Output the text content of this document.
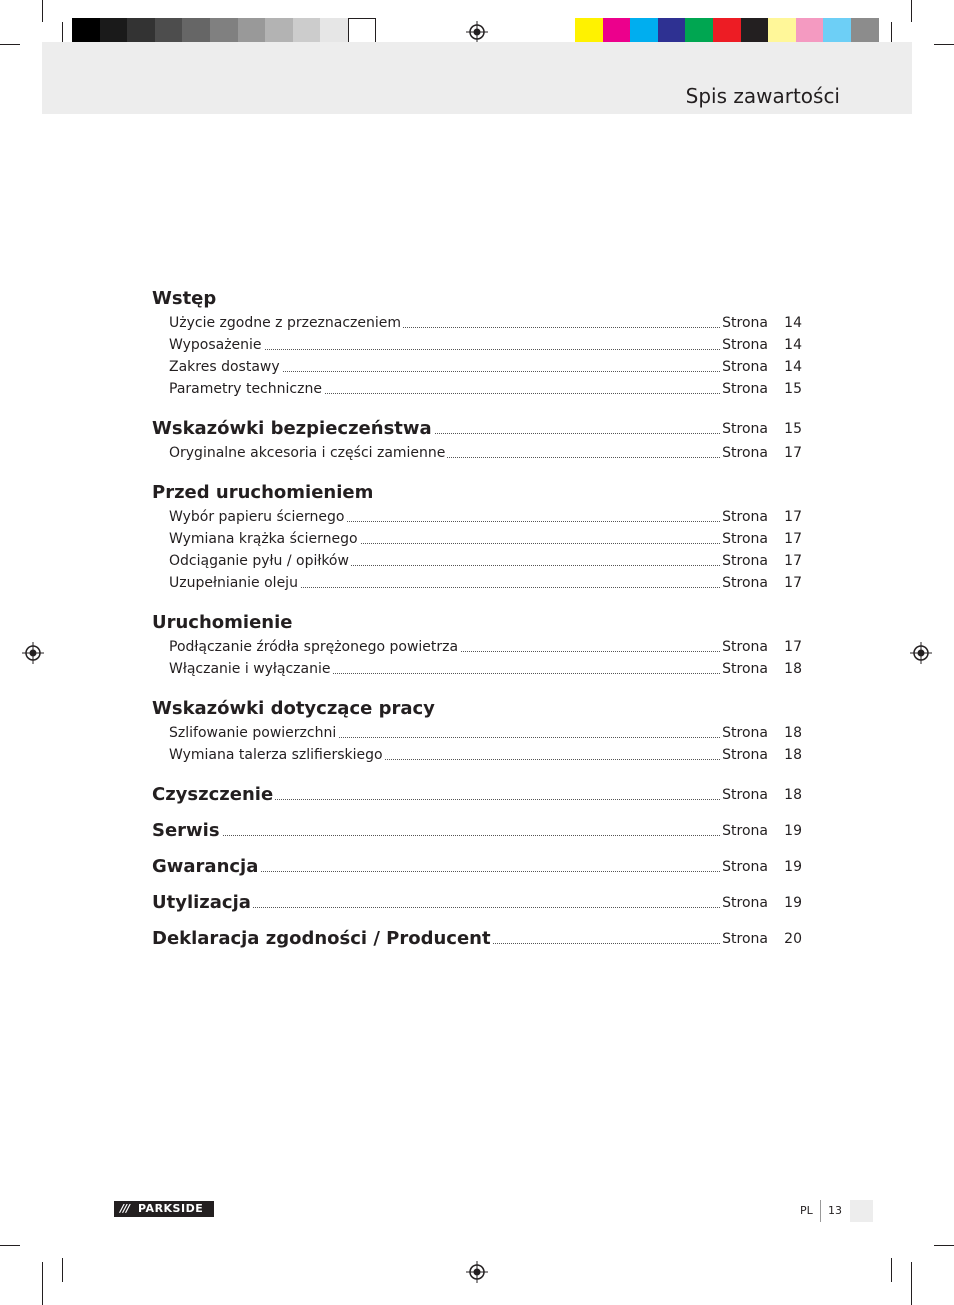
Spis zawartości
Wstęp
Użycie zgodne z przeznaczeniem	Strona	14
Wyposażenie	Strona	14
Zakres dostawy	Strona	14
Parametry techniczne	Strona	15
Wskazówki bezpieczeństwa	Strona	15
Oryginalne akcesoria i części zamienne	Strona	17
Przed uruchomieniem
Wybór papieru ściernego	Strona	17
Wymiana krążka ściernego	Strona	17
Odciąganie pyłu / opiłków	Strona	17
Uzupełnianie oleju	Strona	17
Uruchomienie
Podłączanie źródła sprężonego powietrza	Strona	17
Włączanie i wyłączanie	Strona	18
Wskazówki dotyczące pracy
Szlifowanie powierzchni	Strona	18
Wymiana talerza szlifierskiego	Strona	18
Czyszczenie	Strona	18
Serwis	Strona	19
Gwarancja	Strona	19
Utylizacja	Strona	19
Deklaracja zgodności / Producent	Strona	20
/// PARKSIDE	PL 13
